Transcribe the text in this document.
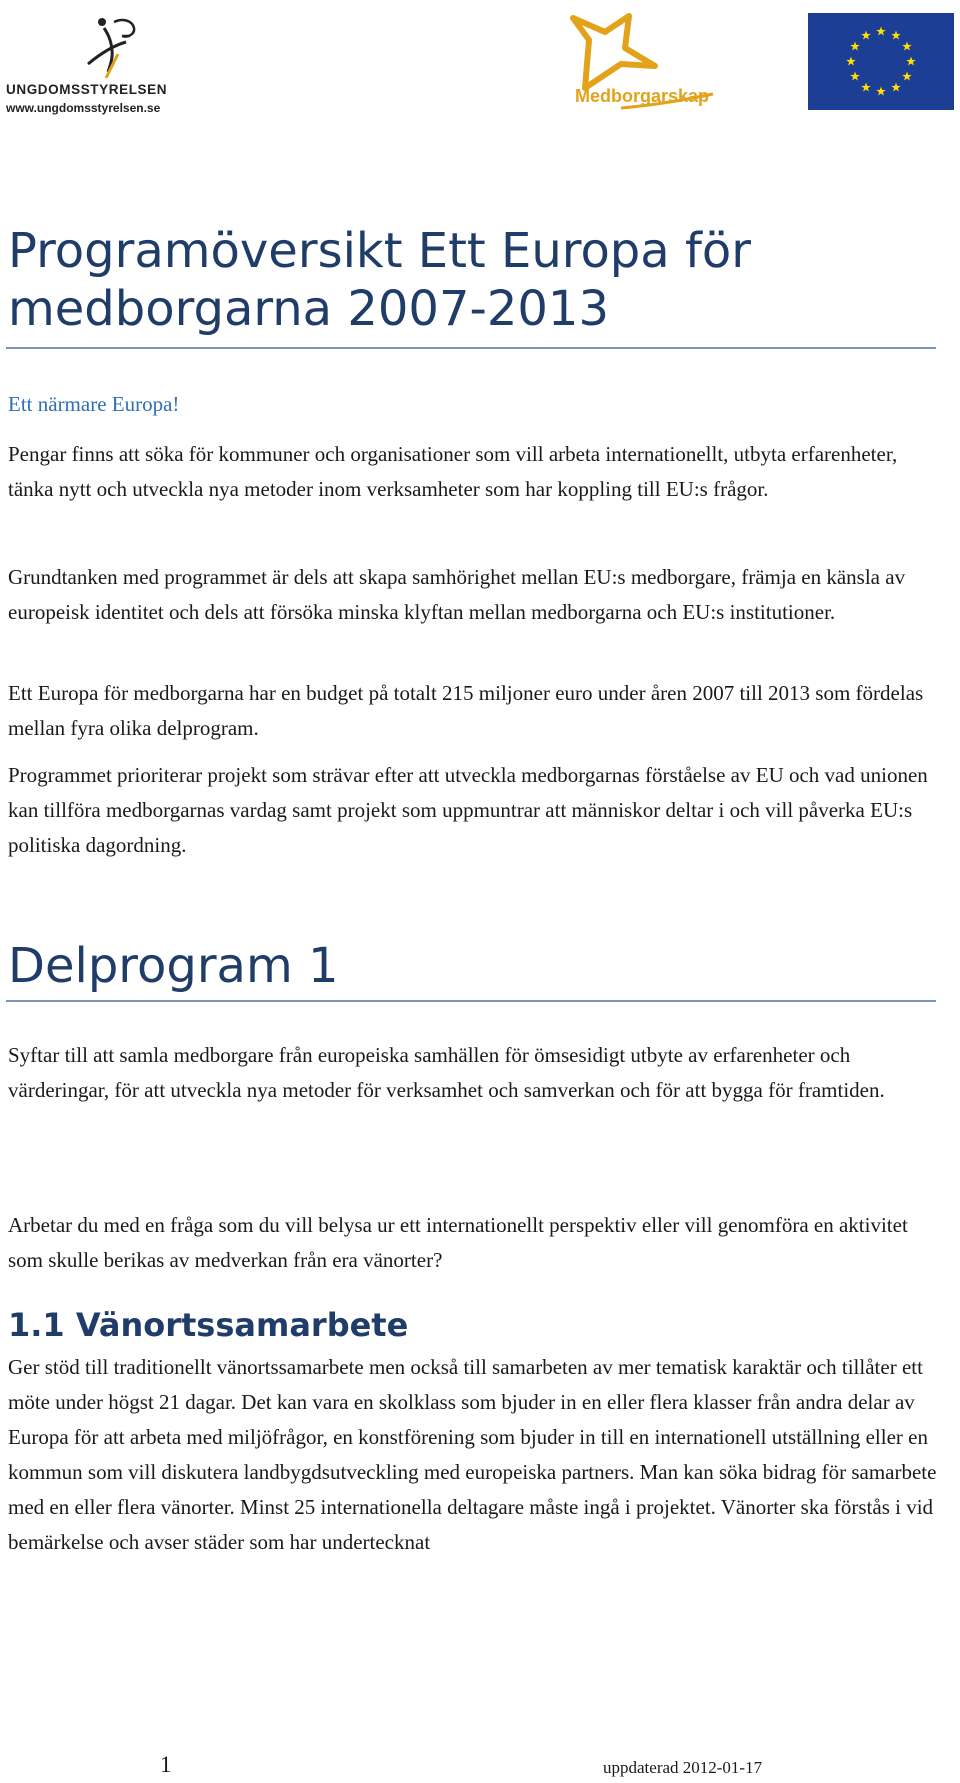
UNGDOMSSTYRELSEN
www.ungdomsstyrelsen.se
Medborgarskap
Programöversikt Ett Europa för medborgarna 2007-2013

Ett närmare Europa!

Pengar finns att söka för kommuner och organisationer som vill arbeta internationellt, utbyta erfarenheter, tänka nytt och utveckla nya metoder inom verksamheter som har koppling till EU:s frågor.

Grundtanken med programmet är dels att skapa samhörighet mellan EU:s medborgare, främja en känsla av europeisk identitet och dels att försöka minska klyftan mellan medborgarna och EU:s institutioner.

Ett Europa för medborgarna har en budget på totalt 215 miljoner euro under åren 2007 till 2013 som fördelas mellan fyra olika delprogram.

Programmet prioriterar projekt som strävar efter att utveckla medborgarnas förståelse av EU och vad unionen kan tillföra medborgarnas vardag samt projekt som uppmuntrar att människor deltar i och vill påverka EU:s politiska dagordning.

Delprogram 1

Syftar till att samla medborgare från europeiska samhällen för ömsesidigt utbyte av erfarenheter och värderingar, för att utveckla nya metoder för verksamhet och samverkan och för att bygga för framtiden.

Arbetar du med en fråga som du vill belysa ur ett internationellt perspektiv eller vill genomföra en aktivitet som skulle berikas av medverkan från era vänorter?

1.1 Vänortssamarbete

Ger stöd till traditionellt vänortssamarbete men också till samarbeten av mer tematisk karaktär och tillåter ett möte under högst 21 dagar. Det kan vara en skolklass som bjuder in en eller flera klasser från andra delar av Europa för att arbeta med miljöfrågor, en konstförening som bjuder in till en internationell utställning eller en kommun som vill diskutera landbygdsutveckling med europeiska partners. Man kan söka bidrag för samarbete med en eller flera vänorter. Minst 25 internationella deltagare måste ingå i projektet. Vänorter ska förstås i vid bemärkelse och avser städer som har undertecknat

1	uppdaterad 2012-01-17
